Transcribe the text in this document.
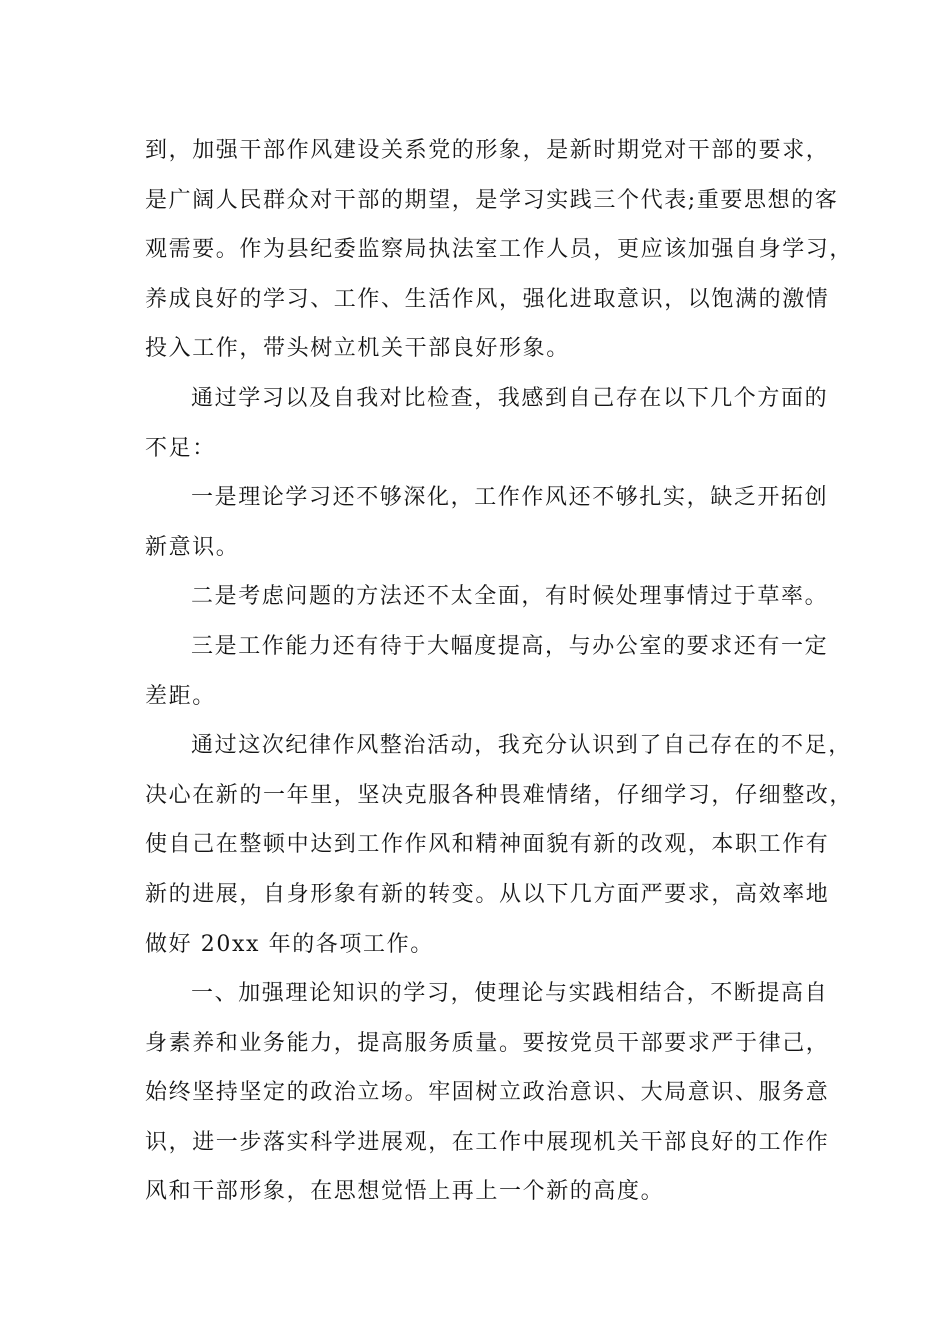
到，加强干部作风建设关系党的形象，是新时期党对干部的要求，
是广阔人民群众对干部的期望，是学习实践三个代表;重要思想的客
观需要。作为县纪委监察局执法室工作人员，更应该加强自身学习，
养成良好的学习、工作、生活作风，强化进取意识，以饱满的激情
投入工作，带头树立机关干部良好形象。
通过学习以及自我对比检查，我感到自己存在以下几个方面的
不足：
一是理论学习还不够深化，工作作风还不够扎实，缺乏开拓创
新意识。
二是考虑问题的方法还不太全面，有时候处理事情过于草率。
三是工作能力还有待于大幅度提高，与办公室的要求还有一定
差距。
通过这次纪律作风整治活动，我充分认识到了自己存在的不足，
决心在新的一年里，坚决克服各种畏难情绪，仔细学习，仔细整改，
使自己在整顿中达到工作作风和精神面貌有新的改观，本职工作有
新的进展，自身形象有新的转变。从以下几方面严要求，高效率地
做好 20xx 年的各项工作。
一、加强理论知识的学习，使理论与实践相结合，不断提高自
身素养和业务能力，提高服务质量。要按党员干部要求严于律己，
始终坚持坚定的政治立场。牢固树立政治意识、大局意识、服务意
识，进一步落实科学进展观，在工作中展现机关干部良好的工作作
风和干部形象，在思想觉悟上再上一个新的高度。
